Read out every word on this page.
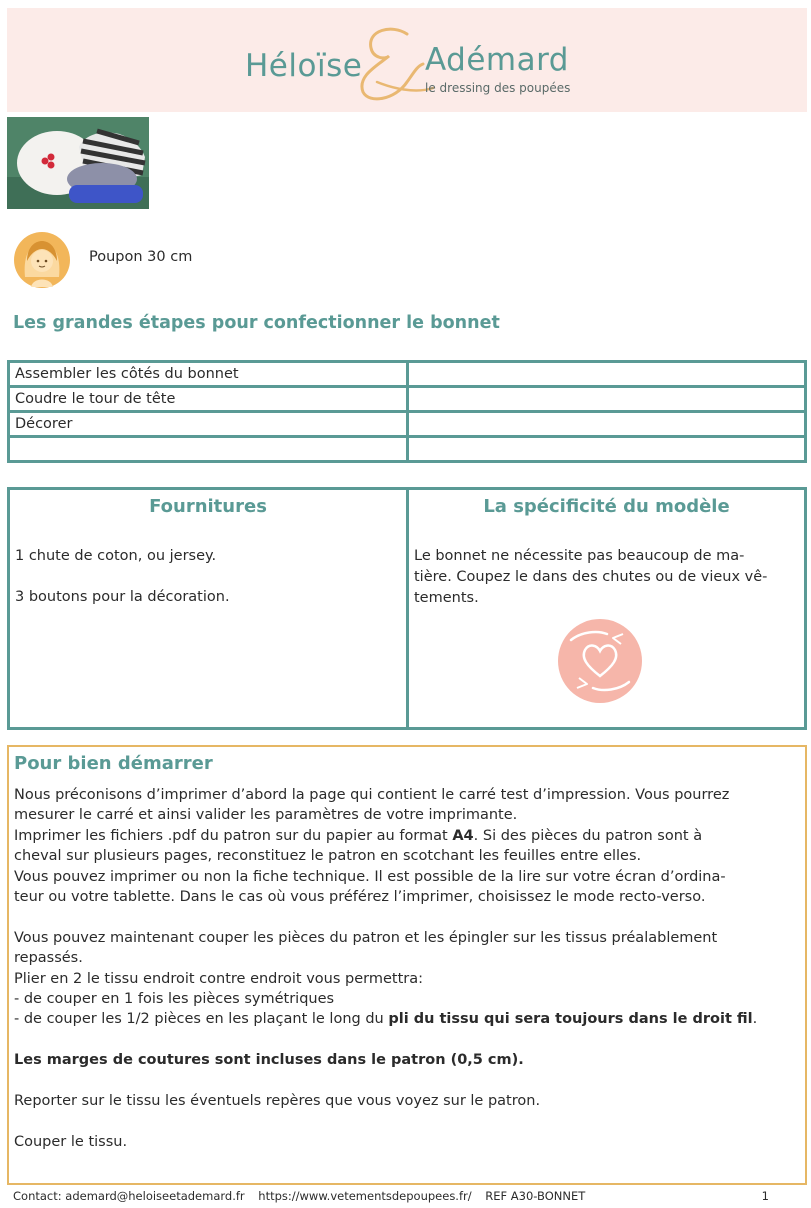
Héloïse Adémard
le dressing des poupées
Poupon 30 cm
Les grandes étapes pour confectionner le bonnet
Assembler les côtés du bonnet	
Coudre le tour de tête	
Décorer	

Fournitures
1 chute de coton, ou jersey.
3 boutons pour la décoration.
La spécificité du modèle
Le bonnet ne nécessite pas beaucoup de ma-
tière. Coupez le dans des chutes ou de vieux vê-
tements.
Pour bien démarrer
Nous préconisons d’imprimer d’abord la page qui contient le carré test d’impression. Vous pourrez
mesurer le carré et ainsi valider les paramètres de votre imprimante.
Imprimer les fichiers .pdf du patron sur du papier au format A4. Si des pièces du patron sont à
cheval sur plusieurs pages, reconstituez le patron en scotchant les feuilles entre elles.
Vous pouvez imprimer ou non la fiche technique. Il est possible de la lire sur votre écran d’ordina-

teur ou votre tablette. Dans le cas où vous préférez l’imprimer, choisissez le mode recto-verso.

Vous pouvez maintenant couper les pièces du patron et les épingler sur les tissus préalablement
repassés.
Plier en 2 le tissu endroit contre endroit vous permettra:
- de couper en 1 fois les pièces symétriques

- de couper les 1/2 pièces en les plaçant le long du pli du tissu qui sera toujours dans le droit fil.

Les marges de coutures sont incluses dans le patron (0,5 cm).

Reporter sur le tissu les éventuels repères que vous voyez sur le patron.

Couper le tissu.

Contact: ademard@heloiseetademard.fr https://www.vetementsdepoupees.fr/ REF A30-BONNET	1
